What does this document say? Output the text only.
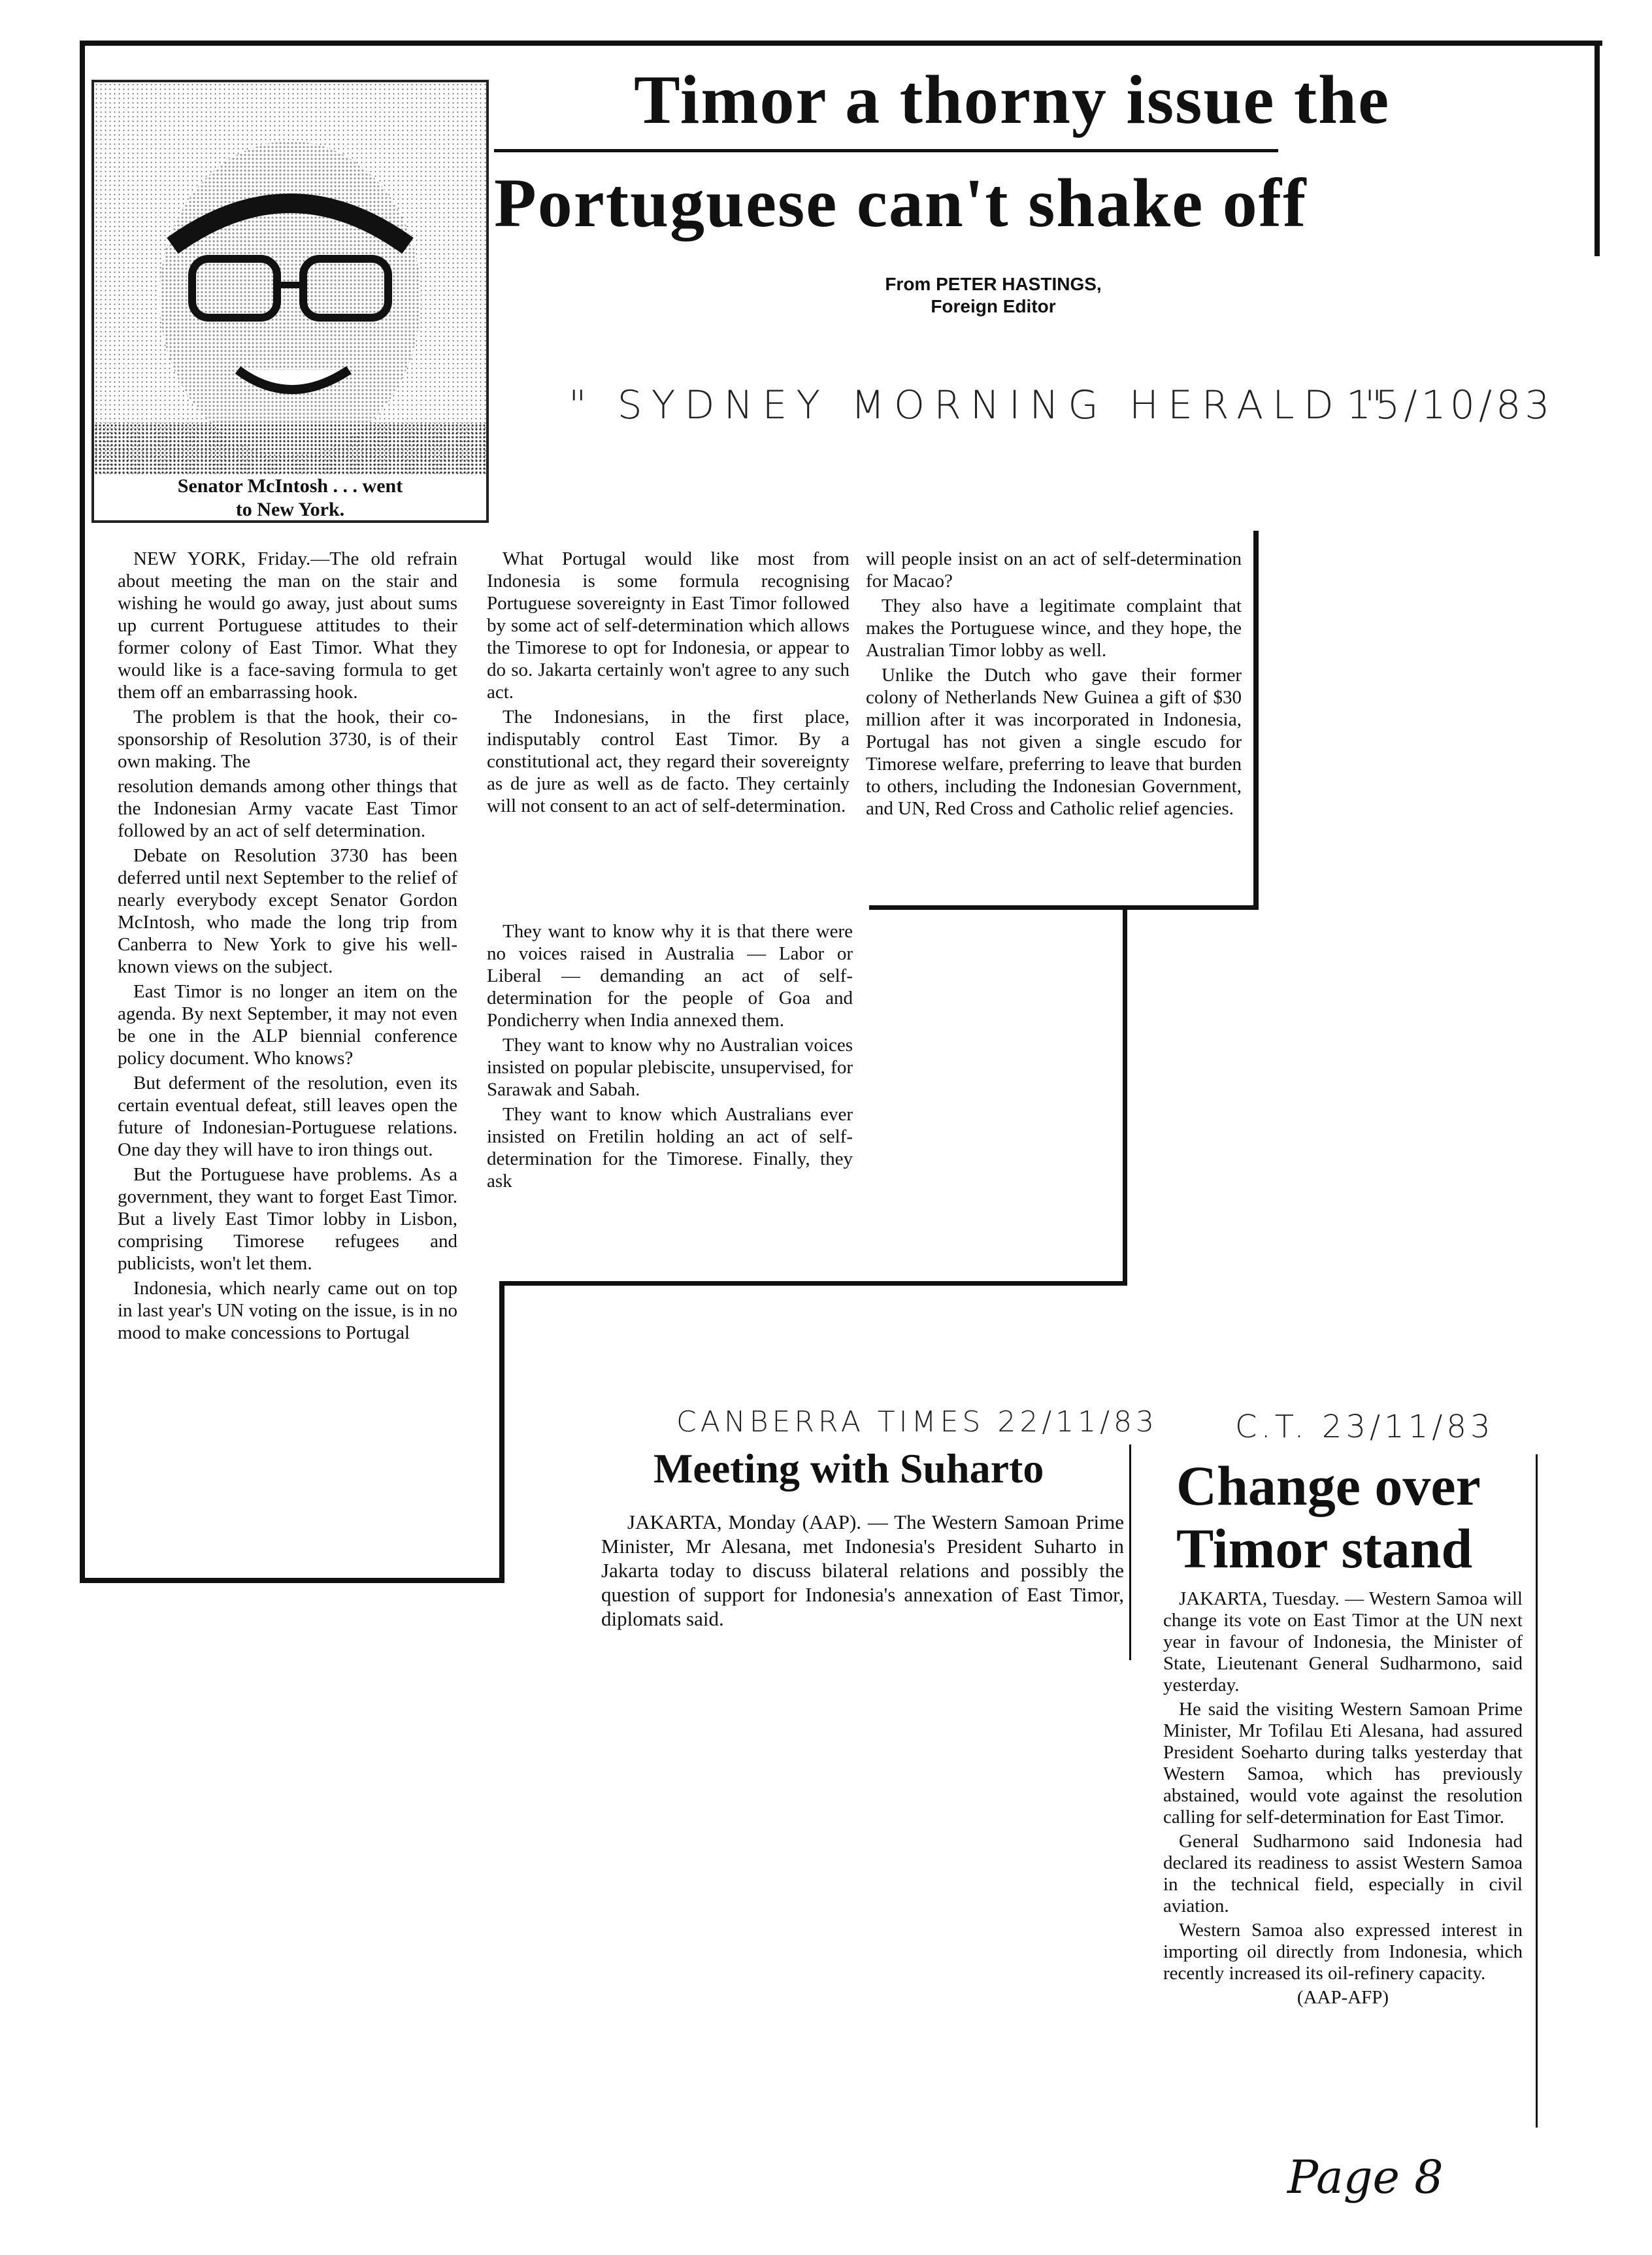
Senator McIntosh . . . went
to New York.
Timor a thorny issue the
Portuguese can't shake off
From PETER HASTINGS,
Foreign Editor
" SYDNEY MORNING HERALD "
15/10/83

NEW YORK, Friday.—The old refrain about meeting the man on the stair and wishing he would go away, just about sums up current Portuguese attitudes to their former colony of East Timor. What they would like is a face-saving formula to get them off an embarrassing hook.

The problem is that the hook, their co-sponsorship of Resolution 3730, is of their own making. The

resolution demands among other things that the Indonesian Army vacate East Timor followed by an act of self determination.

Debate on Resolution 3730 has been deferred until next September to the relief of nearly everybody except Senator Gordon McIntosh, who made the long trip from Canberra to New York to give his well-known views on the subject.

East Timor is no longer an item on the agenda. By next September, it may not even be one in the ALP biennial conference policy document. Who knows?

But deferment of the resolution, even its certain eventual defeat, still leaves open the future of Indonesian-Portuguese relations. One day they will have to iron things out.

But the Portuguese have problems. As a government, they want to forget East Timor. But a lively East Timor lobby in Lisbon, comprising Timorese refugees and publicists, won't let them.

Indonesia, which nearly came out on top in last year's UN voting on the issue, is in no mood to make concessions to Portugal

What Portugal would like most from Indonesia is some formula recognising Portuguese sovereignty in East Timor followed by some act of self-determination which allows the Timorese to opt for Indonesia, or appear to do so. Jakarta certainly won't agree to any such act.

The Indonesians, in the first place, indisputably control East Timor. By a constitutional act, they regard their sovereignty as de jure as well as de facto. They certainly will not consent to an act of self-determination.

They want to know why it is that there were no voices raised in Australia — Labor or Liberal — demanding an act of self-determination for the people of Goa and Pondicherry when India annexed them.

They want to know why no Australian voices insisted on popular plebiscite, unsupervised, for Sarawak and Sabah.

They want to know which Australians ever insisted on Fretilin holding an act of self-determination for the Timorese. Finally, they ask

will people insist on an act of self-determination for Macao?

They also have a legitimate complaint that makes the Portuguese wince, and they hope, the Australian Timor lobby as well.

Unlike the Dutch who gave their former colony of Netherlands New Guinea a gift of $30 million after it was incorporated in Indonesia, Portugal has not given a single escudo for Timorese welfare, preferring to leave that burden to others, including the Indonesian Government, and UN, Red Cross and Catholic relief agencies.

CANBERRA TIMES 22/11/83
Meeting with Suharto
JAKARTA, Monday (AAP). — The Western Samoan Prime Minister, Mr Alesana, met Indonesia's President Suharto in Jakarta today to discuss bilateral relations and possibly the question of support for Indonesia's annexation of East Timor, diplomats said.
C.T. 23/11/83
Change over
Timor stand

JAKARTA, Tuesday. — Western Samoa will change its vote on East Timor at the UN next year in favour of Indonesia, the Minister of State, Lieutenant General Sudharmono, said yesterday.

He said the visiting Western Samoan Prime Minister, Mr Tofilau Eti Alesana, had assured President Soeharto during talks yesterday that Western Samoa, which has previously abstained, would vote against the resolution calling for self-determination for East Timor.

General Sudharmono said Indonesia had declared its readiness to assist Western Samoa in the technical field, especially in civil aviation.

Western Samoa also expressed interest in importing oil directly from Indonesia, which recently increased its oil-refinery capacity.

(AAP-AFP)

Page 8
